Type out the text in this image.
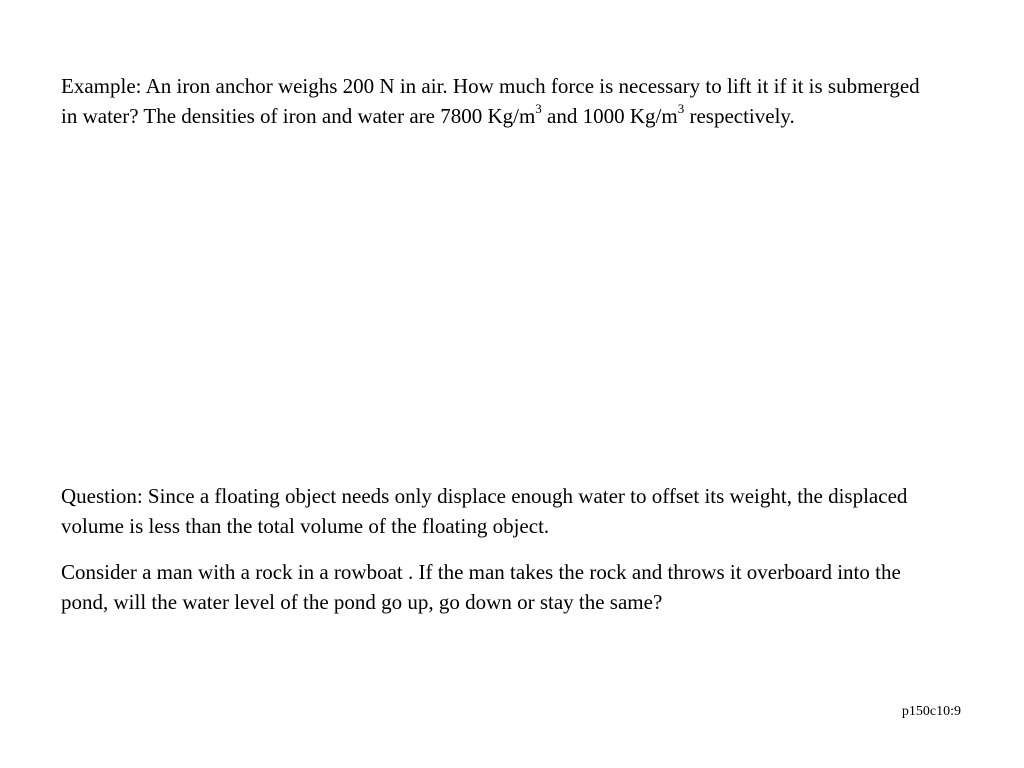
Example: An iron anchor weighs 200 N in air. How much force is necessary to lift it if it is submerged in water? The densities of iron and water are 7800 $Kg/m^3$ and 1000 $Kg/m^3$ respectively.

Question: Since a floating object needs only displace enough water to offset its weight, the displaced volume is less than the total volume of the floating object.

Consider a man with a rock in a rowboat . If the man takes the rock and throws it overboard into the pond, will the water level of the pond go up, go down or stay the same?

p150c10:9
